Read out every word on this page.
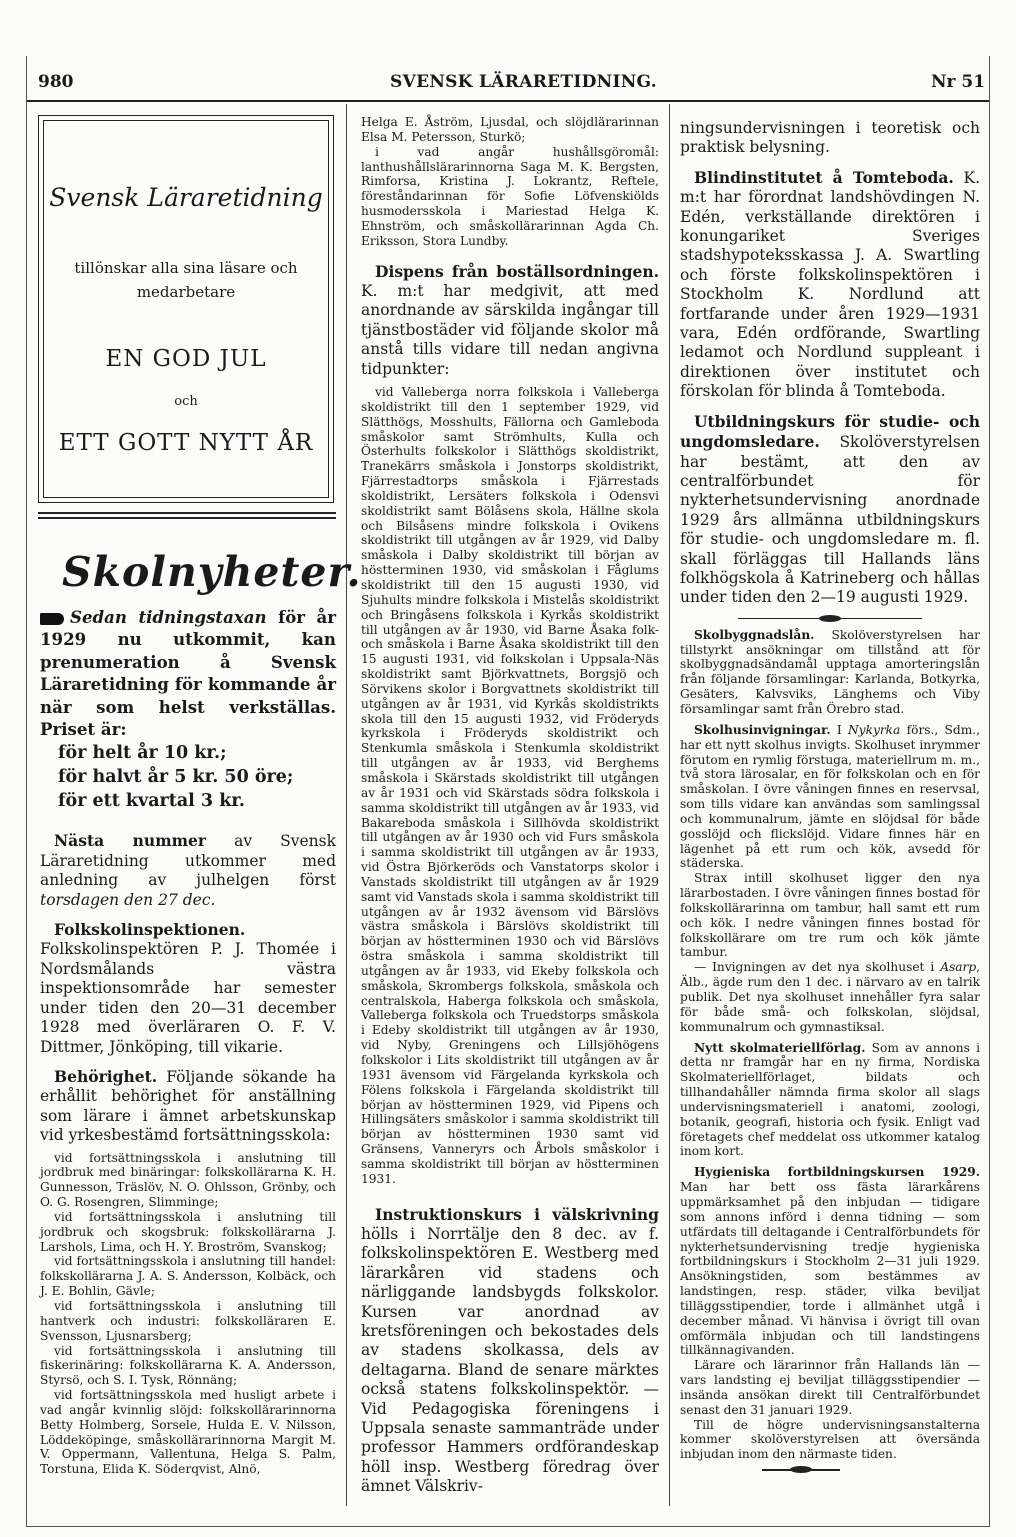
980	SVENSK LÄRARETIDNING.	Nr 51
Svensk Läraretidning
tillönskar alla sina läsare och
medarbetare
EN GOD JUL
och
ETT GOTT NYTT ÅR
Skolnyheter.
Sedan tidningstaxan för år 1929 nu utkommit, kan prenumeration å Svensk Läraretidning för kommande år när som helst verkställas. Priset är:
för helt år 10 kr.;
för halvt år 5 kr. 50 öre;
för ett kvartal 3 kr.

Nästa nummer av Svensk Läraretidning utkommer med anledning av julhelgen först torsdagen den 27 dec.

Folkskolinspektionen. Folkskolinspektören P. J. Thomée i Nordsmålands västra inspektionsområde har semester under tiden den 20—31 december 1928 med överläraren O. F. V. Dittmer, Jönköping, till vikarie.

Behörighet. Följande sökande ha erhållit behörighet för anställning som lärare i ämnet arbetskunskap vid yrkesbestämd fortsättningsskola:

vid fortsättningsskola i anslutning till jordbruk med binäringar: folkskollärarna K. H. Gunnesson, Träslöv, N. O. Ohlsson, Grönby, och O. G. Rosengren, Slimminge;

vid fortsättningsskola i anslutning till jordbruk och skogsbruk: folkskollärarna J. Larshols, Lima, och H. Y. Broström, Svanskog;

vid fortsättningsskola i anslutning till handel: folkskollärarna J. A. S. Andersson, Kolbäck, och J. E. Bohlin, Gävle;

vid fortsättningsskola i anslutning till hantverk och industri: folkskolläraren E. Svensson, Ljusnarsberg;

vid fortsättningsskola i anslutning till fiskerinäring: folkskollärarna K. A. Andersson, Styrsö, och S. I. Tysk, Rönnäng;

vid fortsättningsskola med husligt arbete i vad angår kvinnlig slöjd: folkskollärarinnorna Betty Holmberg, Sorsele, Hulda E. V. Nilsson, Löddeköpinge, småskollärarinnorna Margit M. V. Oppermann, Vallentuna, Helga S. Palm, Torstuna, Elida K. Söderqvist, Alnö,

Helga E. Åström, Ljusdal, och slöjdlärarinnan Elsa M. Petersson, Sturkö;

i vad angår hushållsgöromål: lanthushållslärarinnorna Saga M. K. Bergsten, Rimforsa, Kristina J. Lokrantz, Reftele, föreståndarinnan för Sofie Löfvenskiölds husmodersskola i Mariestad Helga K. Ehnström, och småskollärarinnan Agda Ch. Eriksson, Stora Lundby.

Dispens från boställsordningen. K. m:t har medgivit, att med anordnande av särskilda ingångar till tjänstbostäder vid följande skolor må anstå tills vidare till nedan angivna tidpunkter:

vid Valleberga norra folkskola i Valleberga skoldistrikt till den 1 september 1929, vid Slätthögs, Mosshults, Fällorna och Gamleboda småskolor samt Strömhults, Kulla och Österhults folkskolor i Slätthögs skoldistrikt, Tranekärrs småskola i Jonstorps skoldistrikt, Fjärrestadtorps småskola i Fjärrestads skoldistrikt, Lersäters folkskola i Odensvi skoldistrikt samt Bölåsens skola, Hällne skola och Bilsåsens mindre folkskola i Ovikens skoldistrikt till utgången av år 1929, vid Dalby småskola i Dalby skoldistrikt till början av höstterminen 1930, vid småskolan i Fåglums skoldistrikt till den 15 augusti 1930, vid Sjuhults mindre folkskola i Mistelås skoldistrikt och Bringåsens folkskola i Kyrkås skoldistrikt till utgången av år 1930, vid Barne Åsaka folk- och småskola i Barne Åsaka skoldistrikt till den 15 augusti 1931, vid folkskolan i Uppsala-Näs skoldistrikt samt Björkvattnets, Borgsjö och Sörvikens skolor i Borgvattnets skoldistrikt till utgången av år 1931, vid Kyrkås skoldistrikts skola till den 15 augusti 1932, vid Fröderyds kyrkskola i Fröderyds skoldistrikt och Stenkumla småskola i Stenkumla skoldistrikt till utgången av år 1933, vid Berghems småskola i Skärstads skoldistrikt till utgången av år 1931 och vid Skärstads södra folkskola i samma skoldistrikt till utgången av år 1933, vid Bakareboda småskola i Sillhövda skoldistrikt till utgången av år 1930 och vid Furs småskola i samma skoldistrikt till utgången av år 1933, vid Östra Björkeröds och Vanstatorps skolor i Vanstads skoldistrikt till utgången av år 1929 samt vid Vanstads skola i samma skoldistrikt till utgången av år 1932 ävensom vid Bärslövs västra småskola i Bärslövs skoldistrikt till början av höstterminen 1930 och vid Bärslövs östra småskola i samma skoldistrikt till utgången av år 1933, vid Ekeby folkskola och småskola, Skrombergs folkskola, småskola och centralskola, Haberga folkskola och småskola, Valleberga folkskola och Truedstorps småskola i Edeby skoldistrikt till utgången av år 1930, vid Nyby, Greningens och Lillsjöhögens folkskolor i Lits skoldistrikt till utgången av år 1931 ävensom vid Färgelanda kyrkskola och Fölens folkskola i Färgelanda skoldistrikt till början av höstterminen 1929, vid Pipens och Hillingsäters småskolor i samma skoldistrikt till början av höstterminen 1930 samt vid Gränsens, Vanneryrs och Årbols småskolor i samma skoldistrikt till början av höstterminen 1931.

Instruktionskurs i välskrivning hölls i Norrtälje den 8 dec. av f. folkskolinspektören E. Westberg med lärarkåren vid stadens och närliggande landsbygds folkskolor. Kursen var anordnad av kretsföreningen och bekostades dels av stadens skolkassa, dels av deltagarna. Bland de senare märktes också statens folkskolinspektör. — Vid Pedagogiska föreningens i Uppsala senaste sammanträde under professor Hammers ordförandeskap höll insp. Westberg föredrag över ämnet Välskriv-

ningsundervisningen i teoretisk och praktisk belysning.

Blindinstitutet å Tomteboda. K. m:t har förordnat landshövdingen N. Edén, verkställande direktören i konungariket Sveriges stadshypoteksskassa J. A. Swartling och förste folkskolinspektören i Stockholm K. Nordlund att fortfarande under åren 1929—1931 vara, Edén ordförande, Swartling ledamot och Nordlund suppleant i direktionen över institutet och förskolan för blinda å Tomteboda.

Utbildningskurs för studie- och ungdomsledare. Skolöverstyrelsen har bestämt, att den av centralförbundet för nykterhetsundervisning anordnade 1929 års allmänna utbildningskurs för studie- och ungdomsledare m. fl. skall förläggas till Hallands läns folkhögskola å Katrineberg och hållas under tiden den 2—19 augusti 1929.

Skolbyggnadslån. Skolöverstyrelsen har tillstyrkt ansökningar om tillstånd att för skolbyggnadsändamål upptaga amorteringslån från följande församlingar: Karlanda, Botkyrka, Gesäters, Kalvsviks, Länghems och Viby församlingar samt från Örebro stad.

Skolhusinvigningar. I Nykyrka förs., Sdm., har ett nytt skolhus invigts. Skolhuset inrymmer förutom en rymlig förstuga, materiellrum m. m., två stora lärosalar, en för folkskolan och en för småskolan. I övre våningen finnes en reservsal, som tills vidare kan användas som samlingssal och kommunalrum, jämte en slöjdsal för både gosslöjd och flickslöjd. Vidare finnes här en lägenhet på ett rum och kök, avsedd för städerska.

Strax intill skolhuset ligger den nya lärarbostaden. I övre våningen finnes bostad för folkskollärarinna om tambur, hall samt ett rum och kök. I nedre våningen finnes bostad för folkskollärare om tre rum och kök jämte tambur.

— Invigningen av det nya skolhuset i Asarp, Älb., ägde rum den 1 dec. i närvaro av en talrik publik. Det nya skolhuset innehåller fyra salar för både små- och folkskolan, slöjdsal, kommunalrum och gymnastiksal.

Nytt skolmateriellförlag. Som av annons i detta nr framgår har en ny firma, Nordiska Skolmateriellförlaget, bildats och tillhandahåller nämnda firma skolor all slags undervisningsmateriell i anatomi, zoologi, botanik, geografi, historia och fysik. Enligt vad företagets chef meddelat oss utkommer katalog inom kort.

Hygieniska fortbildningskursen 1929. Man har bett oss fästa lärarkårens uppmärksamhet på den inbjudan — tidigare som annons införd i denna tidning — som utfärdats till deltagande i Centralförbundets för nykterhetsundervisning tredje hygieniska fortbildningskurs i Stockholm 2—31 juli 1929. Ansökningstiden, som bestämmes av landstingen, resp. städer, vilka beviljat tilläggsstipendier, torde i allmänhet utgå i december månad. Vi hänvisa i övrigt till ovan omförmäla inbjudan och till landstingens tillkännagivanden.

Lärare och lärarinnor från Hallands län — vars landsting ej beviljat tilläggsstipendier — insända ansökan direkt till Centralförbundet senast den 31 januari 1929.

Till de högre undervisningsanstalterna kommer skolöverstyrelsen att översända inbjudan inom den närmaste tiden.
